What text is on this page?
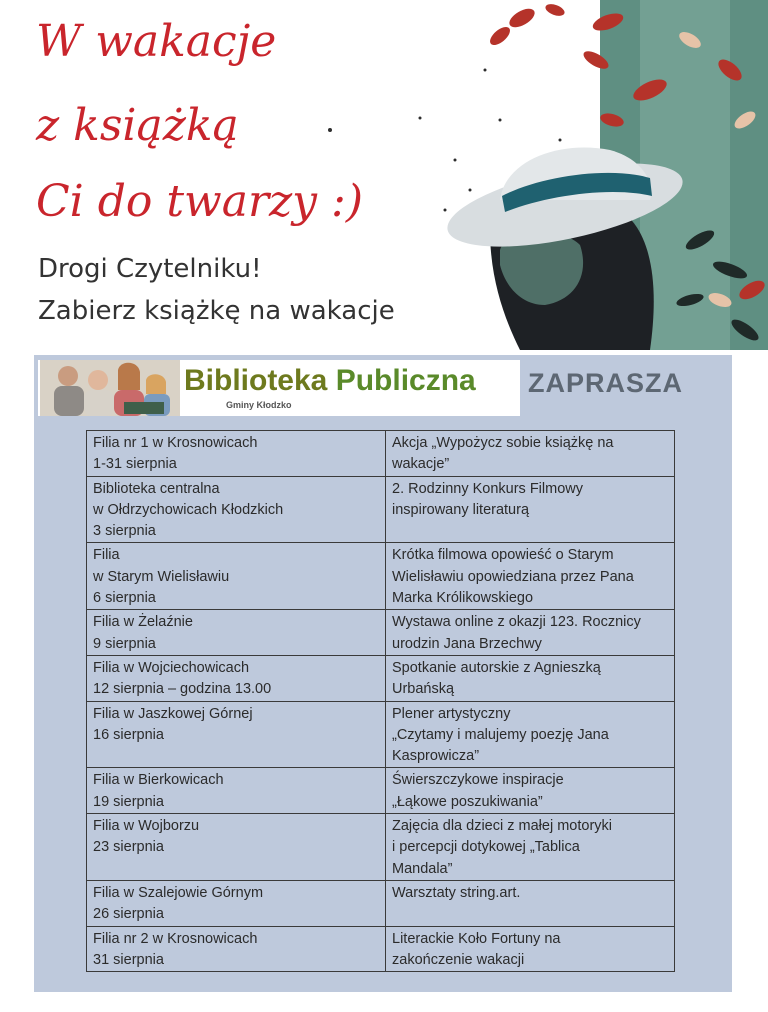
W wakacje
z książką
Ci do twarzy :)
Drogi Czytelniku!
Zabierz książkę na wakacje
Biblioteka Publiczna
Gminy Kłodzko
ZAPRASZA
Filia nr 1 w Krosnowicach
1-31 sierpnia	Akcja „Wypożycz sobie książkę na
wakacje”

Biblioteka centralna
w Ołdrzychowicach Kłodzkich
3 sierpnia	2. Rodzinny Konkurs Filmowy
inspirowany literaturą

Filia
w Starym Wielisławiu
6 sierpnia	Krótka filmowa opowieść o Starym
Wielisławiu opowiedziana przez Pana
Marka Królikowskiego

Filia w Żelaźnie
9 sierpnia	Wystawa online z okazji 123. Rocznicy
urodzin Jana Brzechwy

Filia w Wojciechowicach
12 sierpnia – godzina 13.00	Spotkanie autorskie z Agnieszką
Urbańską

Filia w Jaszkowej Górnej
16 sierpnia	Plener artystyczny
„Czytamy i malujemy poezję Jana
Kasprowicza”

Filia w Bierkowicach
19 sierpnia	Świerszczykowe inspiracje
„Łąkowe poszukiwania”

Filia w Wojborzu
23 sierpnia	Zajęcia dla dzieci z małej motoryki
i percepcji dotykowej „Tablica
Mandala”

Filia w Szalejowie Górnym
26 sierpnia	Warsztaty string.art.

Filia nr 2 w Krosnowicach
31 sierpnia	Literackie Koło Fortuny na
zakończenie wakacji
